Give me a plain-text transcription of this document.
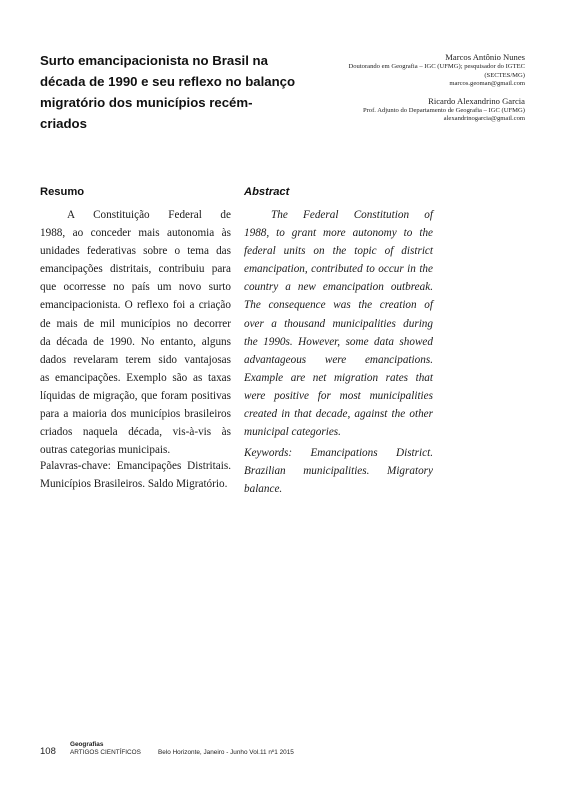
Surto emancipacionista no Brasil na
década de 1990 e seu reflexo no balanço
migratório dos municípios recém-
criados
Marcos Antônio Nunes
Doutorando em Geografia – IGC (UFMG); pesquisador do IGTEC
(SECTES/MG)
marcos.geoman@gmail.com
Ricardo Alexandrino Garcia
Prof. Adjunto do Departamento de Geografia – IGC (UFMG)
alexandrinogarcia@gmail.com
Resumo	Abstract
A Constituição Federal de
1988, ao conceder mais autonomia às
unidades federativas sobre o tema das
emancipações distritais, contribuiu para
que ocorresse no país um novo surto
emancipacionista. O reflexo foi a criação
de mais de mil municípios no decorrer
da década de 1990. No entanto, alguns
dados revelaram terem sido vantajosas
as emancipações. Exemplo são as taxas
líquidas de migração, que foram positivas
para a maioria dos municípios brasileiros
criados naquela década, vis-à-vis às
outras categorias municipais.
Palavras-chave: Emancipações Distritais.
Municípios Brasileiros. Saldo Migratório.
The Federal Constitution of
1988, to grant more autonomy to the
federal units on the topic of district
emancipation, contributed to occur in the
country a new emancipation outbreak.
The consequence was the creation of
over a thousand municipalities during
the 1990s. However, some data showed
advantageous were emancipations.
Example are net migration rates that
were positive for most municipalities
created in that decade, against the other
municipal categories.
Keywords: Emancipations District.
Brazilian municipalities. Migratory
balance.
108
Geografias
ARTIGOS CIENTÍFICOS	Belo Horizonte, Janeiro - Junho Vol.11 nº1 2015
